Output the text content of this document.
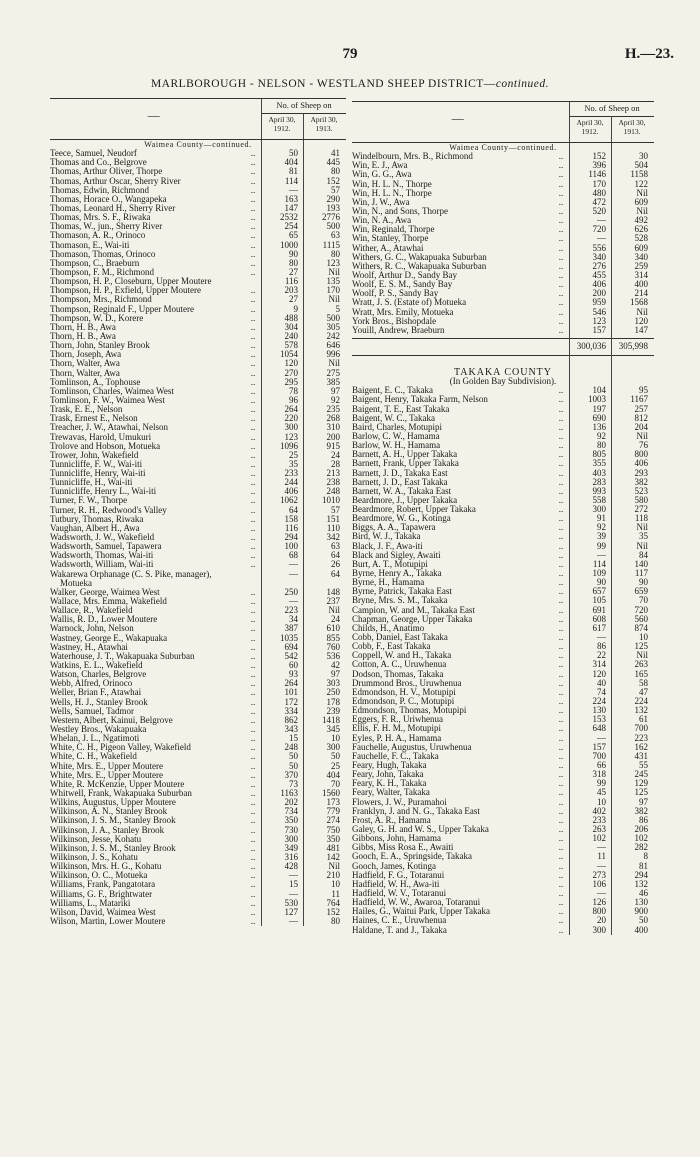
79	H.—23.
MARLBOROUGH - NELSON - WESTLAND SHEEP DISTRICT—continued.
—
No. of Sheep on
April 30, 1912.
April 30, 1913.
Waimea County—continued.
Teece, Samuel, Neudorf	..	50	41
Thomas and Co., Belgrove	..	404	445
Thomas, Arthur Oliver, Thorpe	..	81	80
Thomas, Arthur Oscar, Sherry River	..	114	152
Thomas, Edwin, Richmond	..	—	57
Thomas, Horace O., Wangapeka	..	163	290
Thomas, Leonard H., Sherry River	..	147	193
Thomas, Mrs. S. F., Riwaka	..	2532	2776
Thomas, W., jun., Sherry River	..	254	500
Thomason, A. R., Orinoco	..	65	63
Thomason, E., Wai-iti	..	1000	1115
Thomason, Thomas, Orinoco	..	90	80
Thompson, C., Braeburn	..	80	123
Thompson, F. M., Richmond	..	27	Nil
Thompson, H. P., Closeburn, Upper Moutere	116	135
Thompson, H. P., Exfield, Upper Moutere	..	203	170
Thompson, Mrs., Richmond	..	27	Nil
Thompson, Reginald F., Upper Moutere	..	9	5
Thompson, W. D., Korere	..	488	500
Thorn, H. B., Awa	..	304	305
Thorn, H. B., Awa	..	240	242
Thorn, John, Stanley Brook	..	578	646
Thorn, Joseph, Awa	..	1054	996
Thorn, Walter, Awa	..	120	Nil
Thorn, Walter, Awa	..	270	275
Tomlinson, A., Tophouse	..	295	385
Tomlinson, Charles, Waimea West	..	78	97
Tomlinson, F. W., Waimea West	..	96	92
Trask, E. E., Nelson	..	264	235
Trask, Ernest E., Nelson	..	220	268
Treacher, J. W., Atawhai, Nelson	..	300	310
Trewavas, Harold, Umukuri	..	123	200
Trolove and Hobson, Motueka	..	1096	915
Trower, John, Wakefield	..	25	24
Tunnicliffe, F. W., Wai-iti	..	35	28
Tunnicliffe, Henry, Wai-iti	..	233	213
Tunnicliffe, H., Wai-iti	..	244	238
Tunnicliffe, Henry L., Wai-iti	..	406	248
Turner, F. W., Thorpe	..	1062	1010
Turner, R. H., Redwood's Valley	..	64	57
Tutbury, Thomas, Riwaka	..	158	151
Vaughan, Albert H., Awa	..	116	110
Wadsworth, J. W., Wakefield	..	294	342
Wadsworth, Samuel, Tapawera	..	100	63
Wadsworth, Thomas, Wai-iti	..	68	64
Wadsworth, William, Wai-iti	..	—	26
Wakarewa Orphanage (C. S. Pike, manager),	—	64
Motueka
Walker, George, Waimea West	..	250	148
Wallace, Mrs. Emma, Wakefield	..	—	237
Wallace, R., Wakefield	..	223	Nil
Wallis, R. D., Lower Moutere	..	34	24
Warnock, John, Nelson	..	387	610
Wastney, George E., Wakapuaka	..	1035	855
Wastney, H., Atawhai	..	694	760
Waterhouse, J. T., Wakapuaka Suburban	..	542	536
Watkins, E. L., Wakefield	..	60	42
Watson, Charles, Belgrove	..	93	97
Webb, Alfred, Orinoco	..	264	303
Weller, Brian F., Atawhai	..	101	250
Wells, H. J., Stanley Brook	..	172	178
Wells, Samuel, Tadmor	..	334	239
Western, Albert, Kainui, Belgrove	..	862	1418
Westley Bros., Wakapuaka	..	343	345
Whelan, J. L., Ngatimoti	..	15	10
White, C. H., Pigeon Valley, Wakefield	..	248	300
White, C. H., Wakefield	..	50	50
White, Mrs. E., Upper Moutere	..	50	25
White, Mrs. E., Upper Moutere	..	370	404
White, R. McKenzie, Upper Moutere	..	73	70
Whitwell, Frank, Wakapuaka Suburban	..	1163	1560
Wilkins, Augustus, Upper Moutere	..	202	173
Wilkinson, A. N., Stanley Brook	..	734	779
Wilkinson, J. S. M., Stanley Brook	..	350	274
Wilkinson, J. A., Stanley Brook	..	730	750
Wilkinson, Jesse, Kohatu	..	300	350
Wilkinson, J. S. M., Stanley Brook	..	349	481
Wilkinson, J. S., Kohatu	..	316	142
Wilkinson, Mrs. H. G., Kohatu	..	428	Nil
Wilkinson, O. C., Motueka	..	—	210
Williams, Frank, Pangatotara	..	15	10
Williams, G. F., Brightwater	..	—	11
Williams, L., Matariki	..	530	764
Wilson, David, Waimea West	..	127	152
Wilson, Martin, Lower Moutere	..	—	80
—
No. of Sheep on
April 30, 1912.
April 30, 1913.
Waimea County—continued.
Windelbourn, Mrs. B., Richmond	..	152	30
Win, E. J., Awa	..	396	504
Win, G. G., Awa	..	1146	1158
Win, H. L. N., Thorpe	..	170	122
Win, H. L. N., Thorpe	..	480	Nil
Win, J. W., Awa	..	472	609
Win, N., and Sons, Thorpe	..	520	Nil
Win, N. A., Awa	..	—	492
Win, Reginald, Thorpe	..	720	626
Win, Stanley, Thorpe	..	—	528
Wither, A., Atawhai	..	556	609
Withers, G. C., Wakapuaka Suburban	..	340	340
Withers, R. C., Wakapuaka Suburban	..	276	259
Woolf, Arthur D., Sandy Bay	..	455	314
Woolf, E. S. M., Sandy Bay	..	406	400
Woolf, P. S., Sandy Bay	..	200	214
Wratt, J. S. (Estate of) Motueka	..	959	1568
Wratt, Mrs. Emily, Motueka	..	546	Nil
York Bros., Bishopdale	..	123	120
Youill, Andrew, Braeburn	..	157	147
300,036	305,998
TAKAKA COUNTY
(In Golden Bay Subdivision).
Baigent, E. C., Takaka	..	104	95
Baigent, Henry, Takaka Farm, Nelson	..	1003	1167
Baigent, T. E., East Takaka	..	197	257
Baigent, W. C., Takaka	..	690	812
Baird, Charles, Motupipi	..	136	204
Barlow, C. W., Hamama	..	92	Nil
Barlow, W. H., Hamama	..	80	76
Barnett, A. H., Upper Takaka	..	805	800
Barnett, Frank, Upper Takaka	..	355	406
Barnett, J. D., Takaka East	..	403	293
Barnett, J. D., East Takaka	..	283	382
Barnett, W. A., Takaka East	..	993	523
Beardmore, J., Upper Takaka	..	558	580
Beardmore, Robert, Upper Takaka	..	300	272
Beardmore, W. G., Kotinga	..	91	118
Biggs, A. A., Tapawera	..	92	Nil
Bird, W. J., Takaka	..	39	35
Black, J. F., Awa-iti	..	99	Nil
Black and Sigley, Awaiti	..	—	84
Burt, A. T., Motupipi	..	114	140
Byrne, Henry A., Takaka	..	109	117
Byrne, H., Hamama	..	90	90
Byrne, Patrick, Takaka East	..	657	659
Bryne, Mrs. S. M., Takaka	..	105	70
Campion, W. and M., Takaka East	..	691	720
Chapman, George, Upper Takaka	..	608	560
Childs, H., Anatimo	..	617	874
Cobb, Daniel, East Takaka	..	—	10
Cobb, F., East Takaka	..	86	125
Coppell, W. and H., Takaka	..	22	Nil
Cotton, A. C., Uruwhenua	..	314	263
Dodson, Thomas, Takaka	..	120	165
Drummond Bros., Uruwhenua	..	40	58
Edmondson, H. V., Motupipi	..	74	47
Edmondson, P. C., Motupipi	..	224	224
Edmondson, Thomas, Motupipi	..	130	132
Eggers, F. R., Uriwhenua	..	153	61
Ellis, F. H. M., Motupipi	..	648	700
Eyles, P. H. A., Hamama	..	—	223
Fauchelle, Augustus, Uruwhenua	..	157	162
Fauchelle, F. C., Takaka	..	700	431
Feary, Hugh, Takaka	..	66	55
Feary, John, Takaka	..	318	245
Feary, K. H., Takaka	..	99	129
Feary, Walter, Takaka	..	45	125
Flowers, J. W., Puramahoi	..	10	97
Franklyn, J. and N. G., Takaka East	..	402	382
Frost, A. R., Hamama	..	233	86
Galey, G. H. and W. S., Upper Takaka	..	263	206
Gibbons, John, Hamama	..	102	102
Gibbs, Miss Rosa E., Awaiti	..	—	282
Gooch, E. A., Springside, Takaka	..	11	8
Gooch, James, Kotinga	..	—	81
Hadfield, F. G., Totaranui	..	273	294
Hadfield, W. H., Awa-iti	..	106	132
Hadfield, W. V., Totaranui	..	—	46
Hadfield, W. W., Awaroa, Totaranui	..	126	130
Hailes, G., Waitui Park, Upper Takaka	..	800	900
Haines, C. E., Uruwhenua	..	20	50
Haldane, T. and J., Takaka	..	300	400
